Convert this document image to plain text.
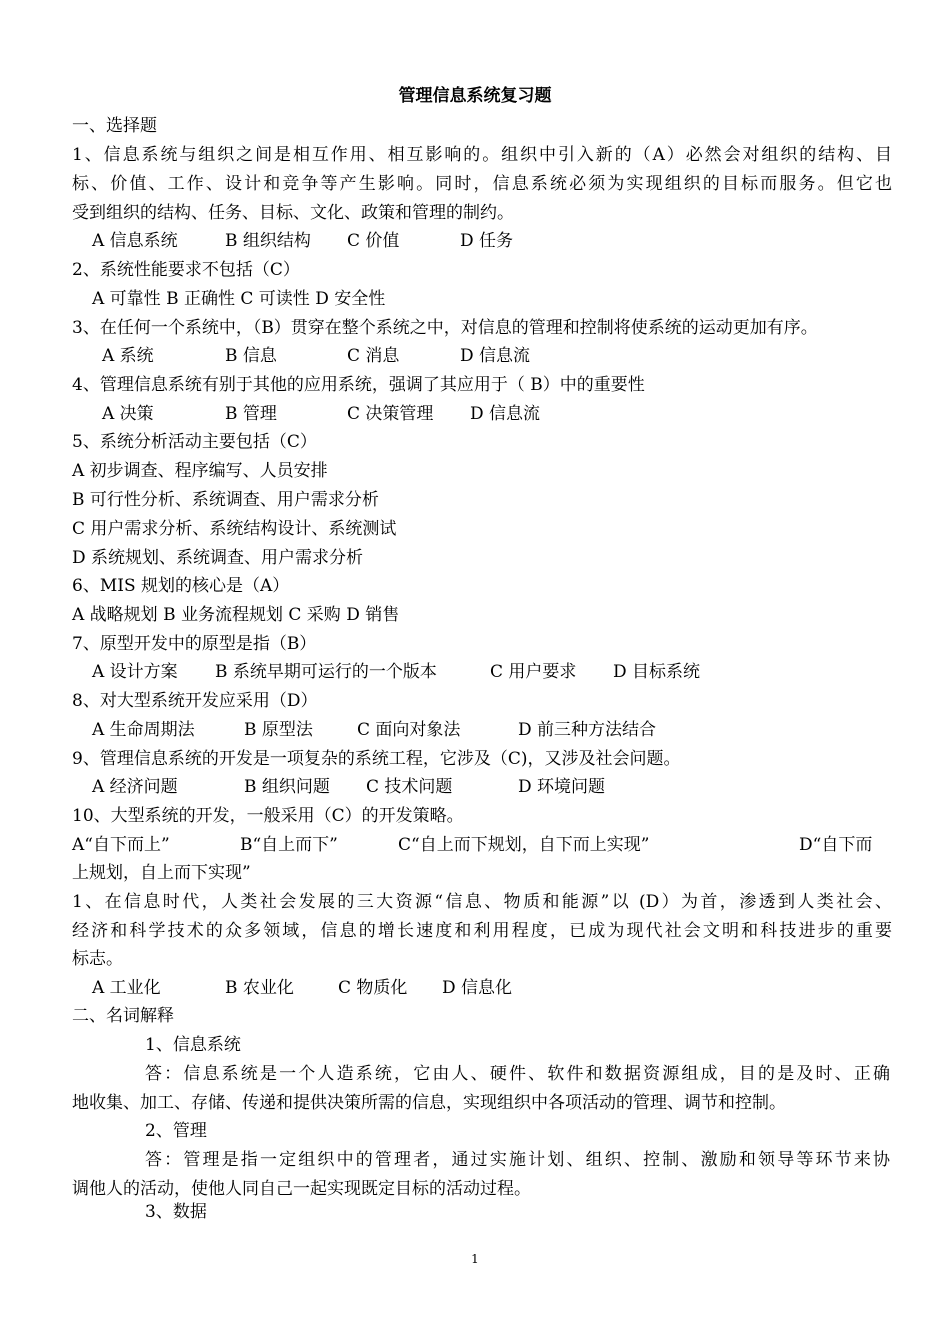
管理信息系统复习题
一、选择题
1、信息系统与组织之间是相互作用、相互影响的。组织中引入新的（A）必然会对组织的结构、目
标、价值、工作、设计和竞争等产生影响。同时，信息系统必须为实现组织的目标而服务。但它也
受到组织的结构、任务、目标、文化、政策和管理的制约。
A 信息系统	B 组织结构 C 价值	D 任务
2、系统性能要求不包括（C）
A 可靠性 B 正确性 C 可读性 D 安全性
3、在任何一个系统中，（B）贯穿在整个系统之中，对信息的管理和控制将使系统的运动更加有序。
A 系统	B 信息	C 消息	D 信息流
4、管理信息系统有别于其他的应用系统，强调了其应用于（ B）中的重要性
A 决策	B 管理	C 决策管理 D 信息流
5、系统分析活动主要包括（C）
A 初步调查、程序编写、人员安排
B 可行性分析、系统调查、用户需求分析
C 用户需求分析、系统结构设计、系统测试
D 系统规划、系统调查、用户需求分析
6、MIS 规划的核心是（A）
A 战略规划 B 业务流程规划 C 采购 D 销售
7、原型开发中的原型是指（B）
A 设计方案 B 系统早期可运行的一个版本	C 用户要求 D 目标系统
8、对大型系统开发应采用（D）
A 生命周期法	B 原型法	C 面向对象法	D 前三种方法结合
9、管理信息系统的开发是一项复杂的系统工程，它涉及（C)，又涉及社会问题。
A 经济问题	B 组织问题 C 技术问题	D 环境问题
10、大型系统的开发，一般采用（C）的开发策略。
A“自下而上”	B“自上而下”	C“自上而下规划，自下而上实现”	D“自下而
上规划，自上而下实现”
1、在信息时代，人类社会发展的三大资源“信息、物质和能源”以 (D）为首，渗透到人类社会、
经济和科学技术的众多领域，信息的增长速度和利用程度，已成为现代社会文明和科技进步的重要
标志。
A 工业化	B 农业化	C 物质化 D 信息化
二、名词解释
1、信息系统
答：信息系统是一个人造系统，它由人、硬件、软件和数据资源组成，目的是及时、正确
地收集、加工、存储、传递和提供决策所需的信息，实现组织中各项活动的管理、调节和控制。
2、管理
答：管理是指一定组织中的管理者，通过实施计划、组织、控制、激励和领导等环节来协
调他人的活动，使他人同自己一起实现既定目标的活动过程。
3、数据
1
